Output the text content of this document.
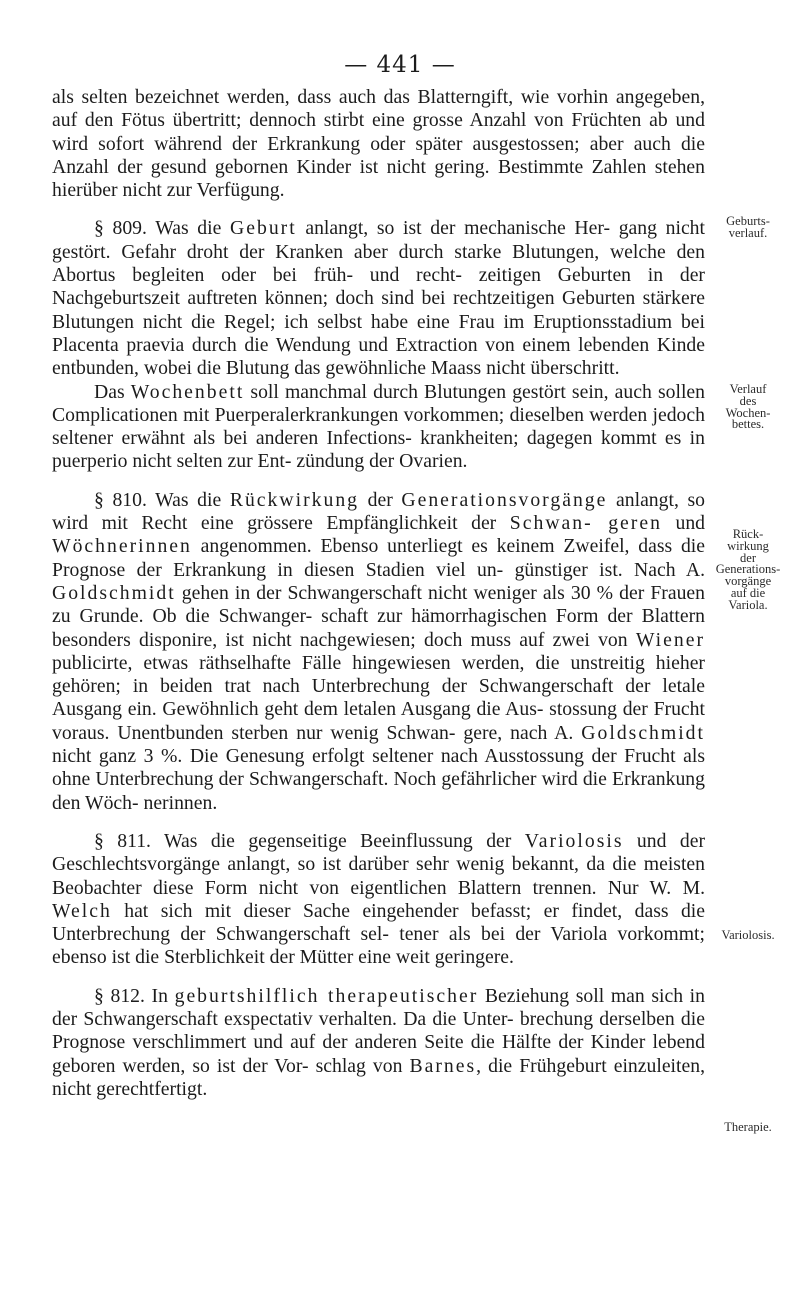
— 441 —

als selten bezeichnet werden, dass auch das Blatterngift, wie vorhin angegeben, auf den Fötus übertritt; dennoch stirbt eine grosse Anzahl von Früchten ab und wird sofort während der Erkrankung oder später ausgestossen; aber auch die Anzahl der gesund gebornen Kinder ist nicht gering. Bestimmte Zahlen stehen hierüber nicht zur Verfügung.

§ 809. Was die Geburt anlangt, so ist der mechanische Her- gang nicht gestört. Gefahr droht der Kranken aber durch starke Blutungen, welche den Abortus begleiten oder bei früh- und recht- zeitigen Geburten in der Nachgeburtszeit auftreten können; doch sind bei rechtzeitigen Geburten stärkere Blutungen nicht die Regel; ich selbst habe eine Frau im Eruptionsstadium bei Placenta praevia durch die Wendung und Extraction von einem lebenden Kinde entbunden, wobei die Blutung das gewöhnliche Maass nicht überschritt.

Das Wochenbett soll manchmal durch Blutungen gestört sein, auch sollen Complicationen mit Puerperalerkrankungen vorkommen; dieselben werden jedoch seltener erwähnt als bei anderen Infections- krankheiten; dagegen kommt es in puerperio nicht selten zur Ent- zündung der Ovarien.

§ 810. Was die Rückwirkung der Generationsvorgänge anlangt, so wird mit Recht eine grössere Empfänglichkeit der Schwan- geren und Wöchnerinnen angenommen. Ebenso unterliegt es keinem Zweifel, dass die Prognose der Erkrankung in diesen Stadien viel un- günstiger ist. Nach A. Goldschmidt gehen in der Schwangerschaft nicht weniger als 30 % der Frauen zu Grunde. Ob die Schwanger- schaft zur hämorrhagischen Form der Blattern besonders disponire, ist nicht nachgewiesen; doch muss auf zwei von Wiener publicirte, etwas räthselhafte Fälle hingewiesen werden, die unstreitig hieher gehören; in beiden trat nach Unterbrechung der Schwangerschaft der letale Ausgang ein. Gewöhnlich geht dem letalen Ausgang die Aus- stossung der Frucht voraus. Unentbunden sterben nur wenig Schwan- gere, nach A. Goldschmidt nicht ganz 3 %. Die Genesung erfolgt seltener nach Ausstossung der Frucht als ohne Unterbrechung der Schwangerschaft. Noch gefährlicher wird die Erkrankung den Wöch- nerinnen.

§ 811. Was die gegenseitige Beeinflussung der Variolosis und der Geschlechtsvorgänge anlangt, so ist darüber sehr wenig bekannt, da die meisten Beobachter diese Form nicht von eigentlichen Blattern trennen. Nur W. M. Welch hat sich mit dieser Sache eingehender befasst; er findet, dass die Unterbrechung der Schwangerschaft sel- tener als bei der Variola vorkommt; ebenso ist die Sterblichkeit der Mütter eine weit geringere.

§ 812. In geburtshilflich therapeutischer Beziehung soll man sich in der Schwangerschaft exspectativ verhalten. Da die Unter- brechung derselben die Prognose verschlimmert und auf der anderen Seite die Hälfte der Kinder lebend geboren werden, so ist der Vor- schlag von Barnes, die Frühgeburt einzuleiten, nicht gerechtfertigt.

Geburts-
verlauf.
Verlauf
des
Wochen-
bettes.
Rück-
wirkung
der
Generations-
vorgänge
auf die
Variola.
Variolosis.
Therapie.
